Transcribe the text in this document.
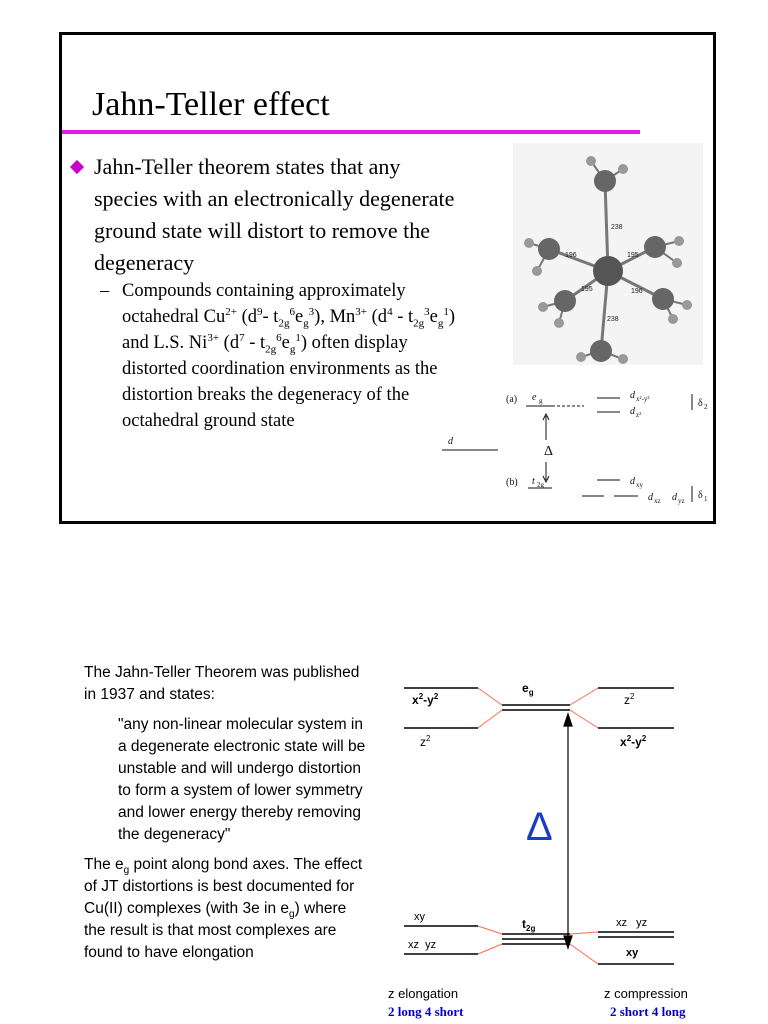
Jahn-Teller effect
Jahn-Teller theorem states that any species with an electronically degenerate ground state will distort to remove the degeneracy
– Compounds containing approximately octahedral $Cu^{2+}$ ($d^9-$ $t_{2g}^6e_g^3$), $Mn^{3+}$ $(d^4 - t_{2g}^3e_g^1)$ and L.S. $Ni^{3+}$ $(d^7 - t_{2g}^6e_g^1)$ often display distorted coordination environments as the distortion breaks the degeneracy of the octahedral ground state
238
238
196	195
195	196
(a) e g
(b) t 2g
d
Δ
d x²-y²
d z²
d xy
d xz d yz
δ 2
δ 1

The Jahn-Teller Theorem was published in 1937 and states:

"any non-linear molecular system in a degenerate electronic state will be unstable and will undergo distortion to form a system of lower symmetry and lower energy thereby removing the degeneracy"

The $e_g$ point along bond axes. The effect of JT distortions is best documented for Cu(II) complexes (with 3e in $e_g$) where the result is that most complexes are found to have elongation

$x^2-y^2$
$z^2$
$e_g$
$z^2$
$x^2-y^2$
xy
xz  yz
$t_{2g}$	xz   yz
xy
z elongation	z compression
Δ
2 long 4 short	2 short 4 long
